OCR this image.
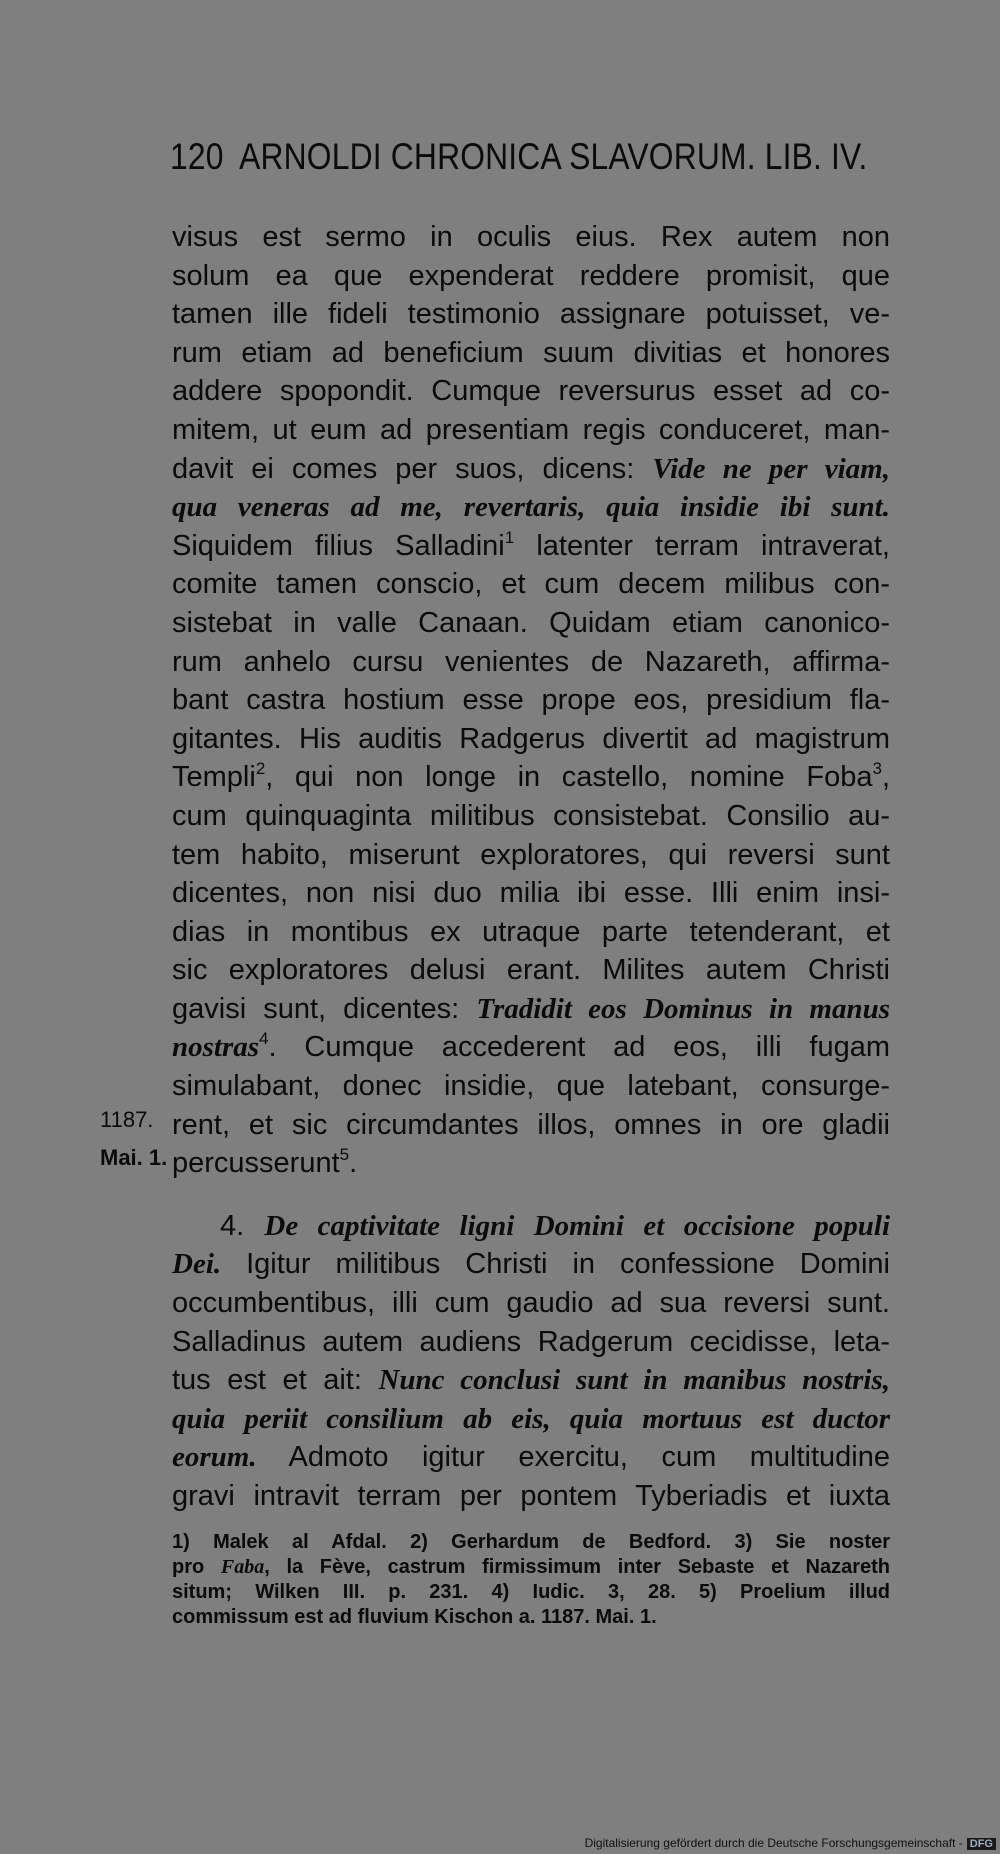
120 ARNOLDI CHRONICA SLAVORUM. LIB. IV.
visus est sermo in oculis eius. Rex autem non
solum ea que expenderat reddere promisit, que
tamen ille fideli testimonio assignare potuisset, ve-
rum etiam ad beneficium suum divitias et honores
addere spopondit. Cumque reversurus esset ad co-
mitem, ut eum ad presentiam regis conduceret, man-
davit ei comes per suos, dicens: Vide ne per viam,
qua veneras ad me, revertaris, quia insidie ibi sunt.
Siquidem filius Salladini$^1$ latenter terram intraverat,
comite tamen conscio, et cum decem milibus con-
sistebat in valle Canaan. Quidam etiam canonico-
rum anhelo cursu venientes de Nazareth, affirma-
bant castra hostium esse prope eos, presidium fla-
gitantes. His auditis Radgerus divertit ad magistrum
Templi$^2$, qui non longe in castello, nomine Foba$^3$,
cum quinquaginta militibus consistebat. Consilio au-
tem habito, miserunt exploratores, qui reversi sunt
dicentes, non nisi duo milia ibi esse. Illi enim insi-
dias in montibus ex utraque parte tetenderant, et
sic exploratores delusi erant. Milites autem Christi
gavisi sunt, dicentes: Tradidit eos Dominus in manus
nostras$^4$. Cumque accederent ad eos, illi fugam
simulabant, donec insidie, que latebant, consurge-
rent, et sic circumdantes illos, omnes in ore gladii
percusserunt$^5$.
4. De captivitate ligni Domini et occisione populi
Dei. Igitur militibus Christi in confessione Domini
occumbentibus, illi cum gaudio ad sua reversi sunt.
Salladinus autem audiens Radgerum cecidisse, leta-
tus est et ait: Nunc conclusi sunt in manibus nostris,
quia periit consilium ab eis, quia mortuus est ductor
eorum. Admoto igitur exercitu, cum multitudine
gravi intravit terram per pontem Tyberiadis et iuxta
1187.
Mai. 1.
1) Malek al Afdal. 2) Gerhardum de Bedford. 3) Sie noster
pro Faba, la Fève, castrum firmissimum inter Sebaste et Nazareth
situm; Wilken III. p. 231. 4) Iudic. 3, 28. 5) Proelium illud
commissum est ad fluvium Kischon a. 1187. Mai. 1.
Digitalisierung gefördert durch die Deutsche Forschungsgemeinschaft - DFG
